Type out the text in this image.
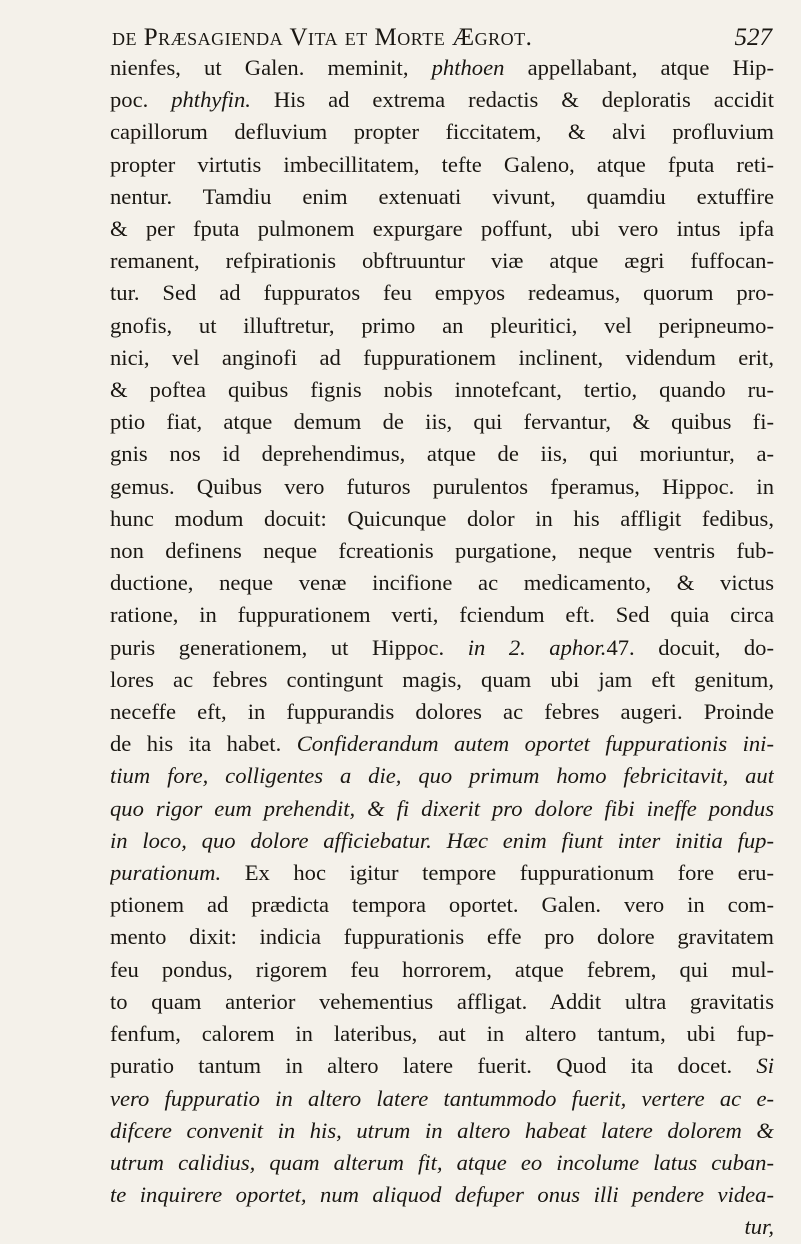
de Præsagienda Vita et Morte Ægrot.	527
nienfes, ut Galen. meminit, phthoen appellabant, atque Hip-
poc. phthyfin. His ad extrema redactis & deploratis accidit
capillorum defluvium propter ficcitatem, & alvi profluvium
propter virtutis imbecillitatem, tefte Galeno, atque fputa reti-
nentur. Tamdiu enim extenuati vivunt, quamdiu extuffire
& per fputa pulmonem expurgare poffunt, ubi vero intus ipfa
remanent, refpirationis obftruuntur viæ atque ægri fuffocan-
tur. Sed ad fuppuratos feu empyos redeamus, quorum pro-
gnofis, ut illuftretur, primo an pleuritici, vel peripneumo-
nici, vel anginofi ad fuppurationem inclinent, videndum erit,
& poftea quibus fignis nobis innotefcant, tertio, quando ru-
ptio fiat, atque demum de iis, qui fervantur, & quibus fi-
gnis nos id deprehendimus, atque de iis, qui moriuntur, a-
gemus. Quibus vero futuros purulentos fperamus, Hippoc. in
hunc modum docuit: Quicunque dolor in his affligit fedibus,
non definens neque fcreationis purgatione, neque ventris fub-
ductione, neque venæ incifione ac medicamento, & victus
ratione, in fuppurationem verti, fciendum eft. Sed quia circa
puris generationem, ut Hippoc. in 2. aphor.47. docuit, do-
lores ac febres contingunt magis, quam ubi jam eft genitum,
neceffe eft, in fuppurandis dolores ac febres augeri. Proinde
de his ita habet. Confiderandum autem oportet fuppurationis ini-
tium fore, colligentes a die, quo primum homo febricitavit, aut
quo rigor eum prehendit, & fi dixerit pro dolore fibi ineffe pondus
in loco, quo dolore afficiebatur. Hæc enim fiunt inter initia fup-
purationum. Ex hoc igitur tempore fuppurationum fore eru-
ptionem ad prædicta tempora oportet. Galen. vero in com-
mento dixit: indicia fuppurationis effe pro dolore gravitatem
feu pondus, rigorem feu horrorem, atque febrem, qui mul-
to quam anterior vehementius affligat. Addit ultra gravitatis
fenfum, calorem in lateribus, aut in altero tantum, ubi fup-
puratio tantum in altero latere fuerit. Quod ita docet. Si
vero fuppuratio in altero latere tantummodo fuerit, vertere ac e-
difcere convenit in his, utrum in altero habeat latere dolorem &
utrum calidius, quam alterum fit, atque eo incolume latus cuban-
te inquirere oportet, num aliquod defuper onus illi pendere videa-
tur,
